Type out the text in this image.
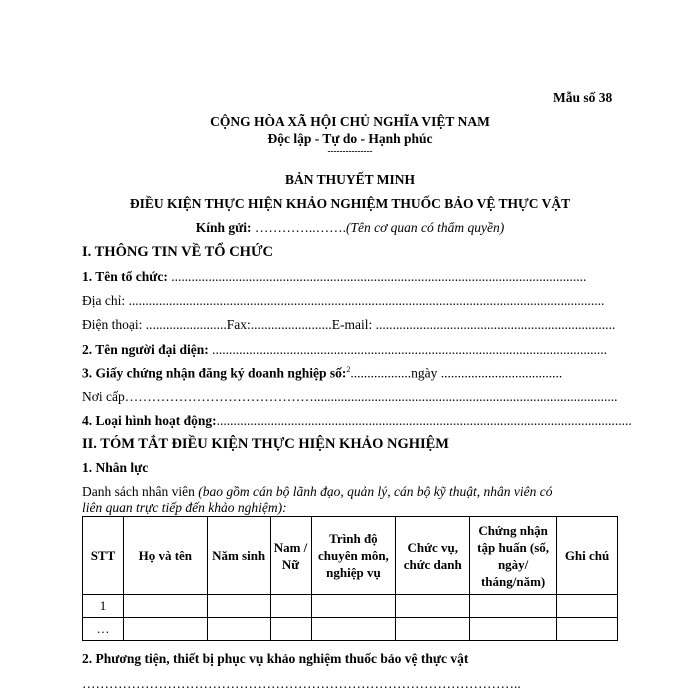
Mẫu số 38
CỘNG HÒA XÃ HỘI CHỦ NGHĨA VIỆT NAM
Độc lập - Tự do - Hạnh phúc
---------------
BẢN THUYẾT MINH
ĐIỀU KIỆN THỰC HIỆN KHẢO NGHIỆM THUỐC BẢO VỆ THỰC VẬT
Kính gửi: …………..…….(Tên cơ quan có thẩm quyền)
I. THÔNG TIN VỀ TỔ CHỨC
1. Tên tổ chức: ...........................................................................................................................
Địa chỉ: .............................................................................................................................................
Điện thoại: ........................Fax:........................E-mail: .......................................................................
2. Tên người đại diện: .....................................................................................................................
3. Giấy chứng nhận đăng ký doanh nghiệp số:$^2$..................ngày ....................................
Nơi cấp……………………………………..........................................................................................
4. Loại hình hoạt động:...........................................................................................................................
II. TÓM TẮT ĐIỀU KIỆN THỰC HIỆN KHẢO NGHIỆM
1. Nhân lực
Danh sách nhân viên (bao gồm cán bộ lãnh đạo, quản lý, cán bộ kỹ thuật, nhân viên có
liên quan trực tiếp đến khảo nghiệm):
STT	Họ và tên	Năm sinh	Nam / Nữ	Trình độ chuyên môn, nghiệp vụ	Chức vụ, chức danh	Chứng nhận tập huấn (số, ngày/ tháng/năm)	Ghi chú
1							
…							
2. Phương tiện, thiết bị phục vụ khảo nghiệm thuốc bảo vệ thực vật
……………………………………………………………………………………..
